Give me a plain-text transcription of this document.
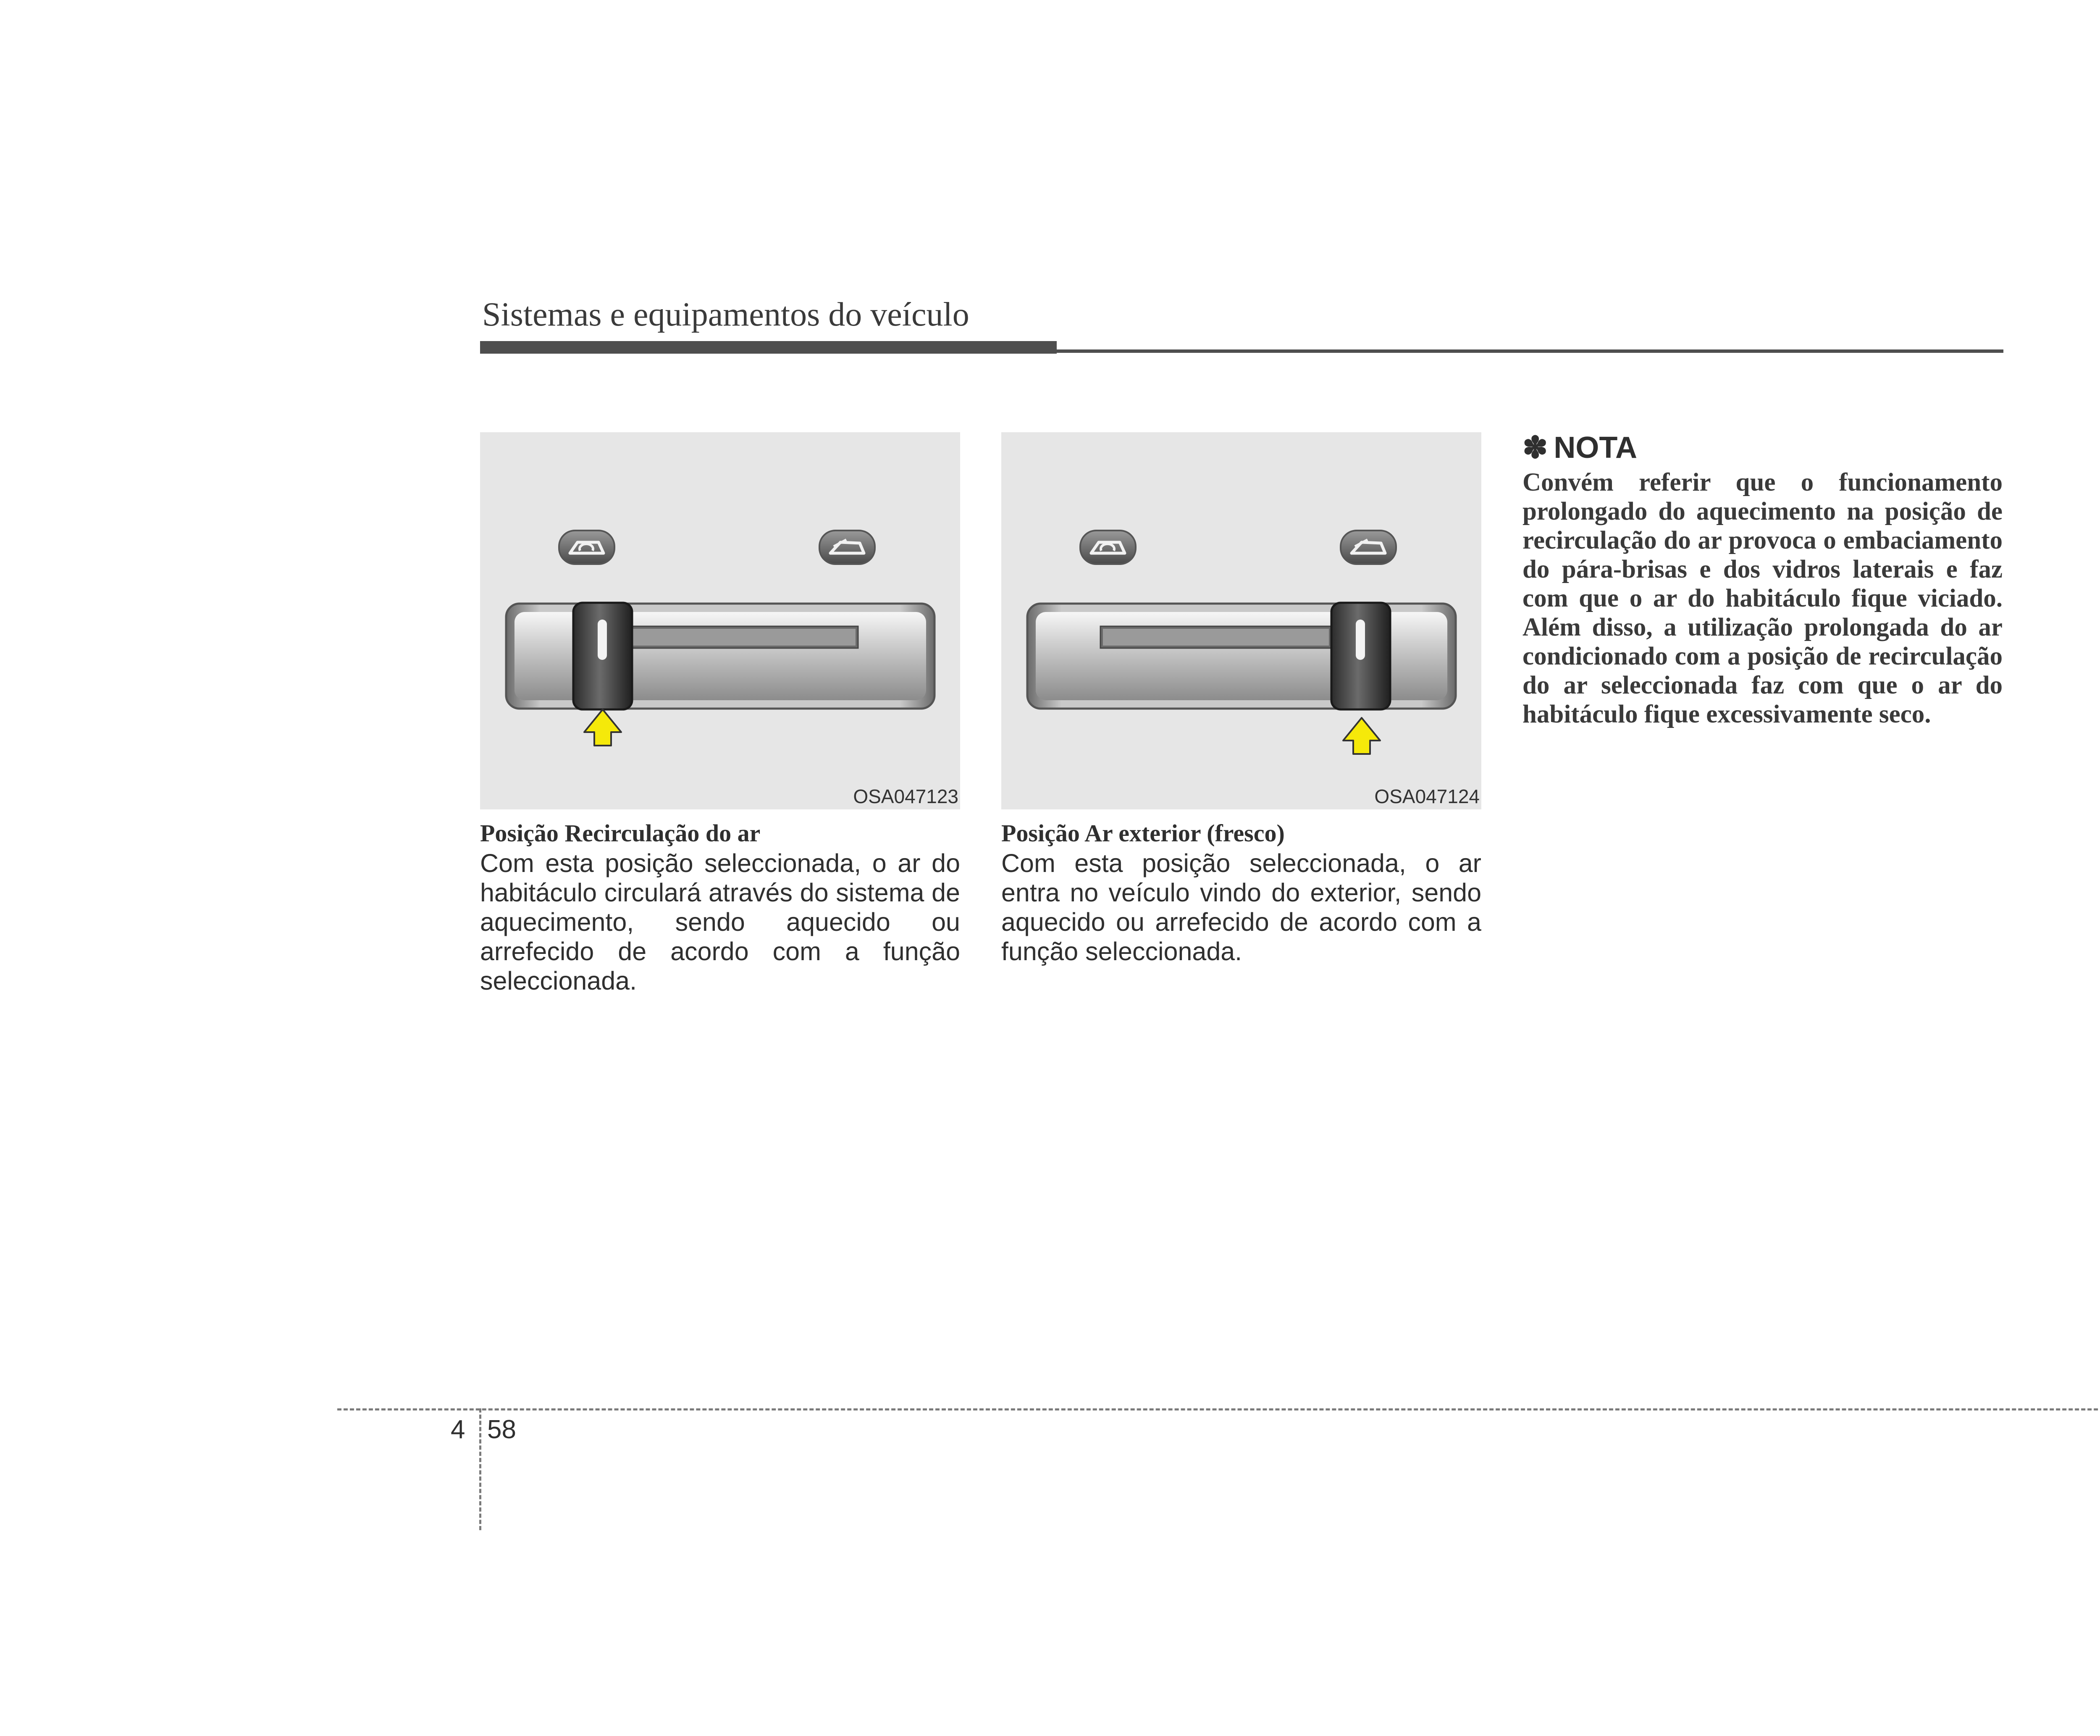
Sistemas e equipamentos do veículo
OSA047123	OSA047124
Posição Recirculação do ar

Com esta posição seleccionada, o ar do habitáculo circulará através do sistema de aquecimento, sendo aquecido ou arrefecido de acordo com a função seleccionada.

Posição Ar exterior (fresco)

Com esta posição seleccionada, o ar entra no veículo vindo do exterior, sendo aquecido ou arrefecido de acordo com a função seleccionada.

✽ NOTA

Convém referir que o funcionamento prolongado do aquecimento na posição de recirculação do ar provoca o embaciamento do pára-brisas e dos vidros laterais e faz com que o ar do habitáculo fique viciado. Além disso, a utilização prolongada do ar condicionado com a posição de recirculação do ar seleccionada faz com que o ar do habitáculo fique excessivamente seco.

4 58
